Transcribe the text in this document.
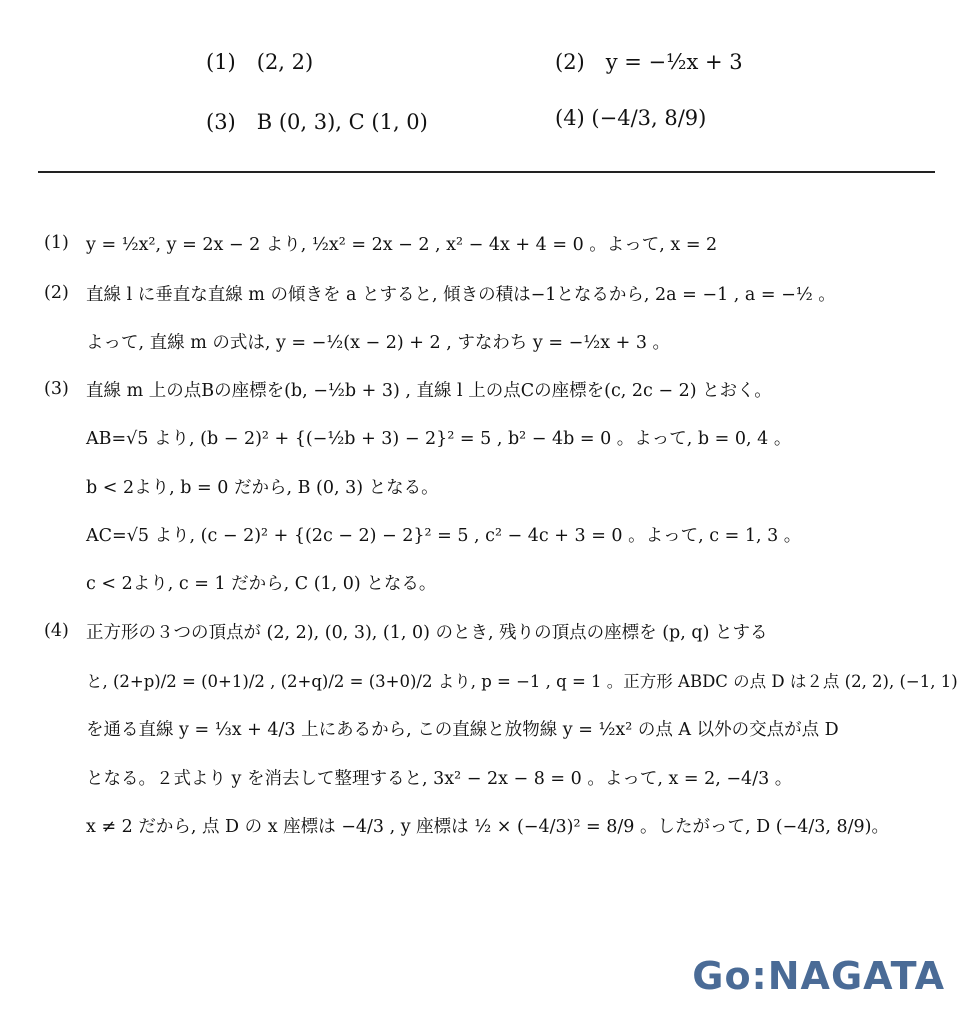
(1)　(2, 2)	(2)　y = −½x + 3
(3)　B (0, 3), C (1, 0)	(4) (−4/3, 8/9)
(1) y = ½x², y = 2x − 2 より, ½x² = 2x − 2 , x² − 4x + 4 = 0 。よって, x = 2
(2) 直線 l に垂直な直線 m の傾きを a とすると, 傾きの積は−1となるから, 2a = −1 , a = −½ 。
よって, 直線 m の式は, y = −½(x − 2) + 2 , すなわち y = −½x + 3 。
(3) 直線 m 上の点Bの座標を(b, −½b + 3) , 直線 l 上の点Cの座標を(c, 2c − 2) とおく。
AB=√5 より, (b − 2)² + {(−½b + 3) − 2}² = 5 , b² − 4b = 0 。よって, b = 0, 4 。
b < 2より, b = 0 だから, B (0, 3) となる。
AC=√5 より, (c − 2)² + {(2c − 2) − 2}² = 5 , c² − 4c + 3 = 0 。よって, c = 1, 3 。
c < 2より, c = 1 だから, C (1, 0) となる。
(4) 正方形の３つの頂点が (2, 2), (0, 3), (1, 0) のとき, 残りの頂点の座標を (p, q) とする
と, (2+p)/2 = (0+1)/2 , (2+q)/2 = (3+0)/2 より, p = −1 , q = 1 。正方形 ABDC の点 D は２点 (2, 2), (−1, 1)
を通る直線 y = ⅓x + 4/3 上にあるから, この直線と放物線 y = ½x² の点 A 以外の交点が点 D
となる。２式より y を消去して整理すると, 3x² − 2x − 8 = 0 。よって, x = 2, −4/3 。
x ≠ 2 だから, 点 D の x 座標は −4/3 , y 座標は ½ × (−4/3)² = 8/9 。したがって, D (−4/3, 8/9)。
Go:NAGATA
